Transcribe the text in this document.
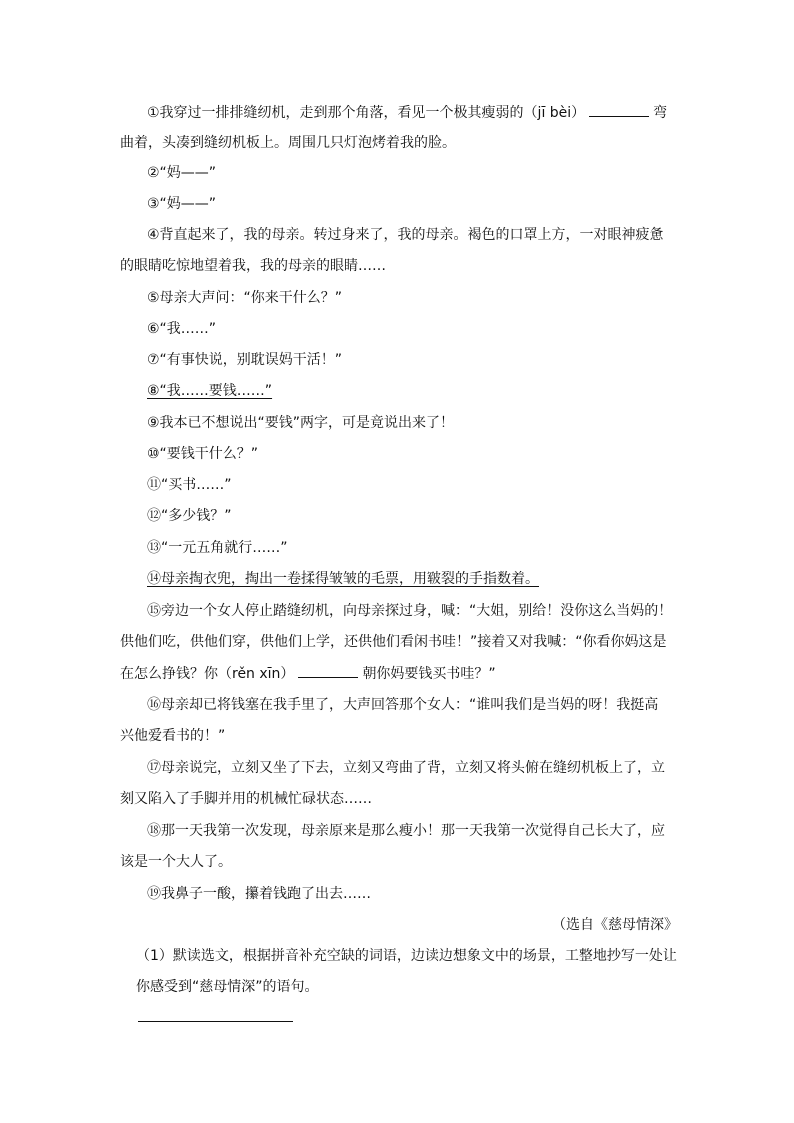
①我穿过一排排缝纫机，走到那个角落，看见一个极其瘦弱的（jī bèi）	弯
曲着，头凑到缝纫机板上。周围几只灯泡烤着我的脸。
②“妈——”
③“妈——”
④背直起来了，我的母亲。转过身来了，我的母亲。褐色的口罩上方，一对眼神疲惫
的眼睛吃惊地望着我，我的母亲的眼睛……
⑤母亲大声问：“你来干什么？”
⑥“我……”
⑦“有事快说，别耽误妈干活！”
⑧“我……要钱……”
⑨我本已不想说出“要钱”两字，可是竟说出来了！
⑩“要钱干什么？”
⑪“买书……”
⑫“多少钱？”
⑬“一元五角就行……”
⑭母亲掏衣兜，掏出一卷揉得皱皱的毛票，用皲裂的手指数着。
⑮旁边一个女人停止踏缝纫机，向母亲探过身，喊：“大姐，别给！没你这么当妈的！
供他们吃，供他们穿，供他们上学，还供他们看闲书哇！”接着又对我喊：“你看你妈这是
在怎么挣钱？你（rěn xīn）	朝你妈要钱买书哇？”
⑯母亲却已将钱塞在我手里了，大声回答那个女人：“谁叫我们是当妈的呀！我挺高
兴他爱看书的！”
⑰母亲说完，立刻又坐了下去，立刻又弯曲了背，立刻又将头俯在缝纫机板上了，立
刻又陷入了手脚并用的机械忙碌状态……
⑱那一天我第一次发现，母亲原来是那么瘦小！那一天我第一次觉得自己长大了，应
该是一个大人了。
⑲我鼻子一酸，攥着钱跑了出去……
（选自《慈母情深》
（1）默读选文，根据拼音补充空缺的词语，边读边想象文中的场景，工整地抄写一处让
你感受到“慈母情深”的语句。
